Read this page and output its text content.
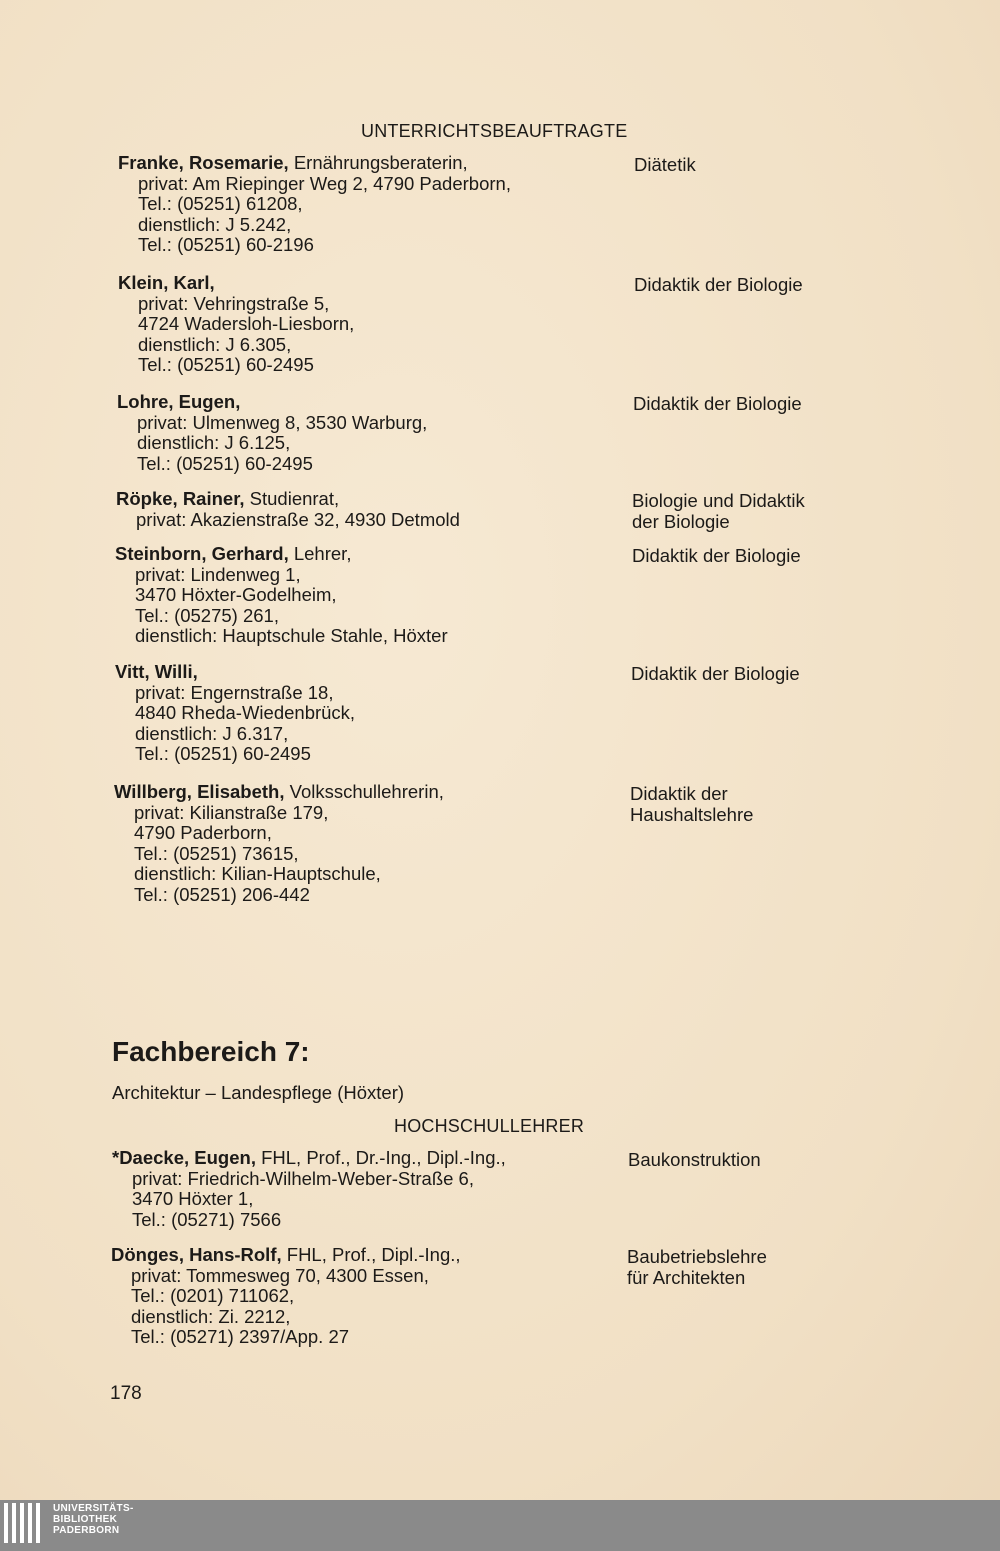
UNTERRICHTSBEAUFTRAGTE
Franke, Rosemarie, Ernährungsberaterin,
privat: Am Riepinger Weg 2, 4790 Paderborn,
Tel.: (05251) 61208,
dienstlich: J 5.242,
Tel.: (05251) 60-2196
Diätetik
Klein, Karl,
privat: Vehringstraße 5,
4724 Wadersloh-Liesborn,
dienstlich: J 6.305,
Tel.: (05251) 60-2495
Didaktik der Biologie
Lohre, Eugen,
privat: Ulmenweg 8, 3530 Warburg,
dienstlich: J 6.125,
Tel.: (05251) 60-2495
Didaktik der Biologie
Röpke, Rainer, Studienrat,
privat: Akazienstraße 32, 4930 Detmold
Biologie und Didaktik
der Biologie
Steinborn, Gerhard, Lehrer,
privat: Lindenweg 1,
3470 Höxter-Godelheim,
Tel.: (05275) 261,
dienstlich: Hauptschule Stahle, Höxter
Didaktik der Biologie
Vitt, Willi,
privat: Engernstraße 18,
4840 Rheda-Wiedenbrück,
dienstlich: J 6.317,
Tel.: (05251) 60-2495
Didaktik der Biologie
Willberg, Elisabeth, Volksschullehrerin,
privat: Kilianstraße 179,
4790 Paderborn,
Tel.: (05251) 73615,
dienstlich: Kilian-Hauptschule,
Tel.: (05251) 206-442
Didaktik der
Haushaltslehre
Fachbereich 7:
Architektur – Landespflege (Höxter)
HOCHSCHULLEHRER
*Daecke, Eugen, FHL, Prof., Dr.-Ing., Dipl.-Ing.,
privat: Friedrich-Wilhelm-Weber-Straße 6,
3470 Höxter 1,
Tel.: (05271) 7566
Baukonstruktion
Dönges, Hans-Rolf, FHL, Prof., Dipl.-Ing.,
privat: Tommesweg 70, 4300 Essen,
Tel.: (0201) 711062,
dienstlich: Zi. 2212,
Tel.: (05271) 2397/App. 27
Baubetriebslehre
für Architekten
178
UNIVERSITÄTS-
BIBLIOTHEK
PADERBORN
